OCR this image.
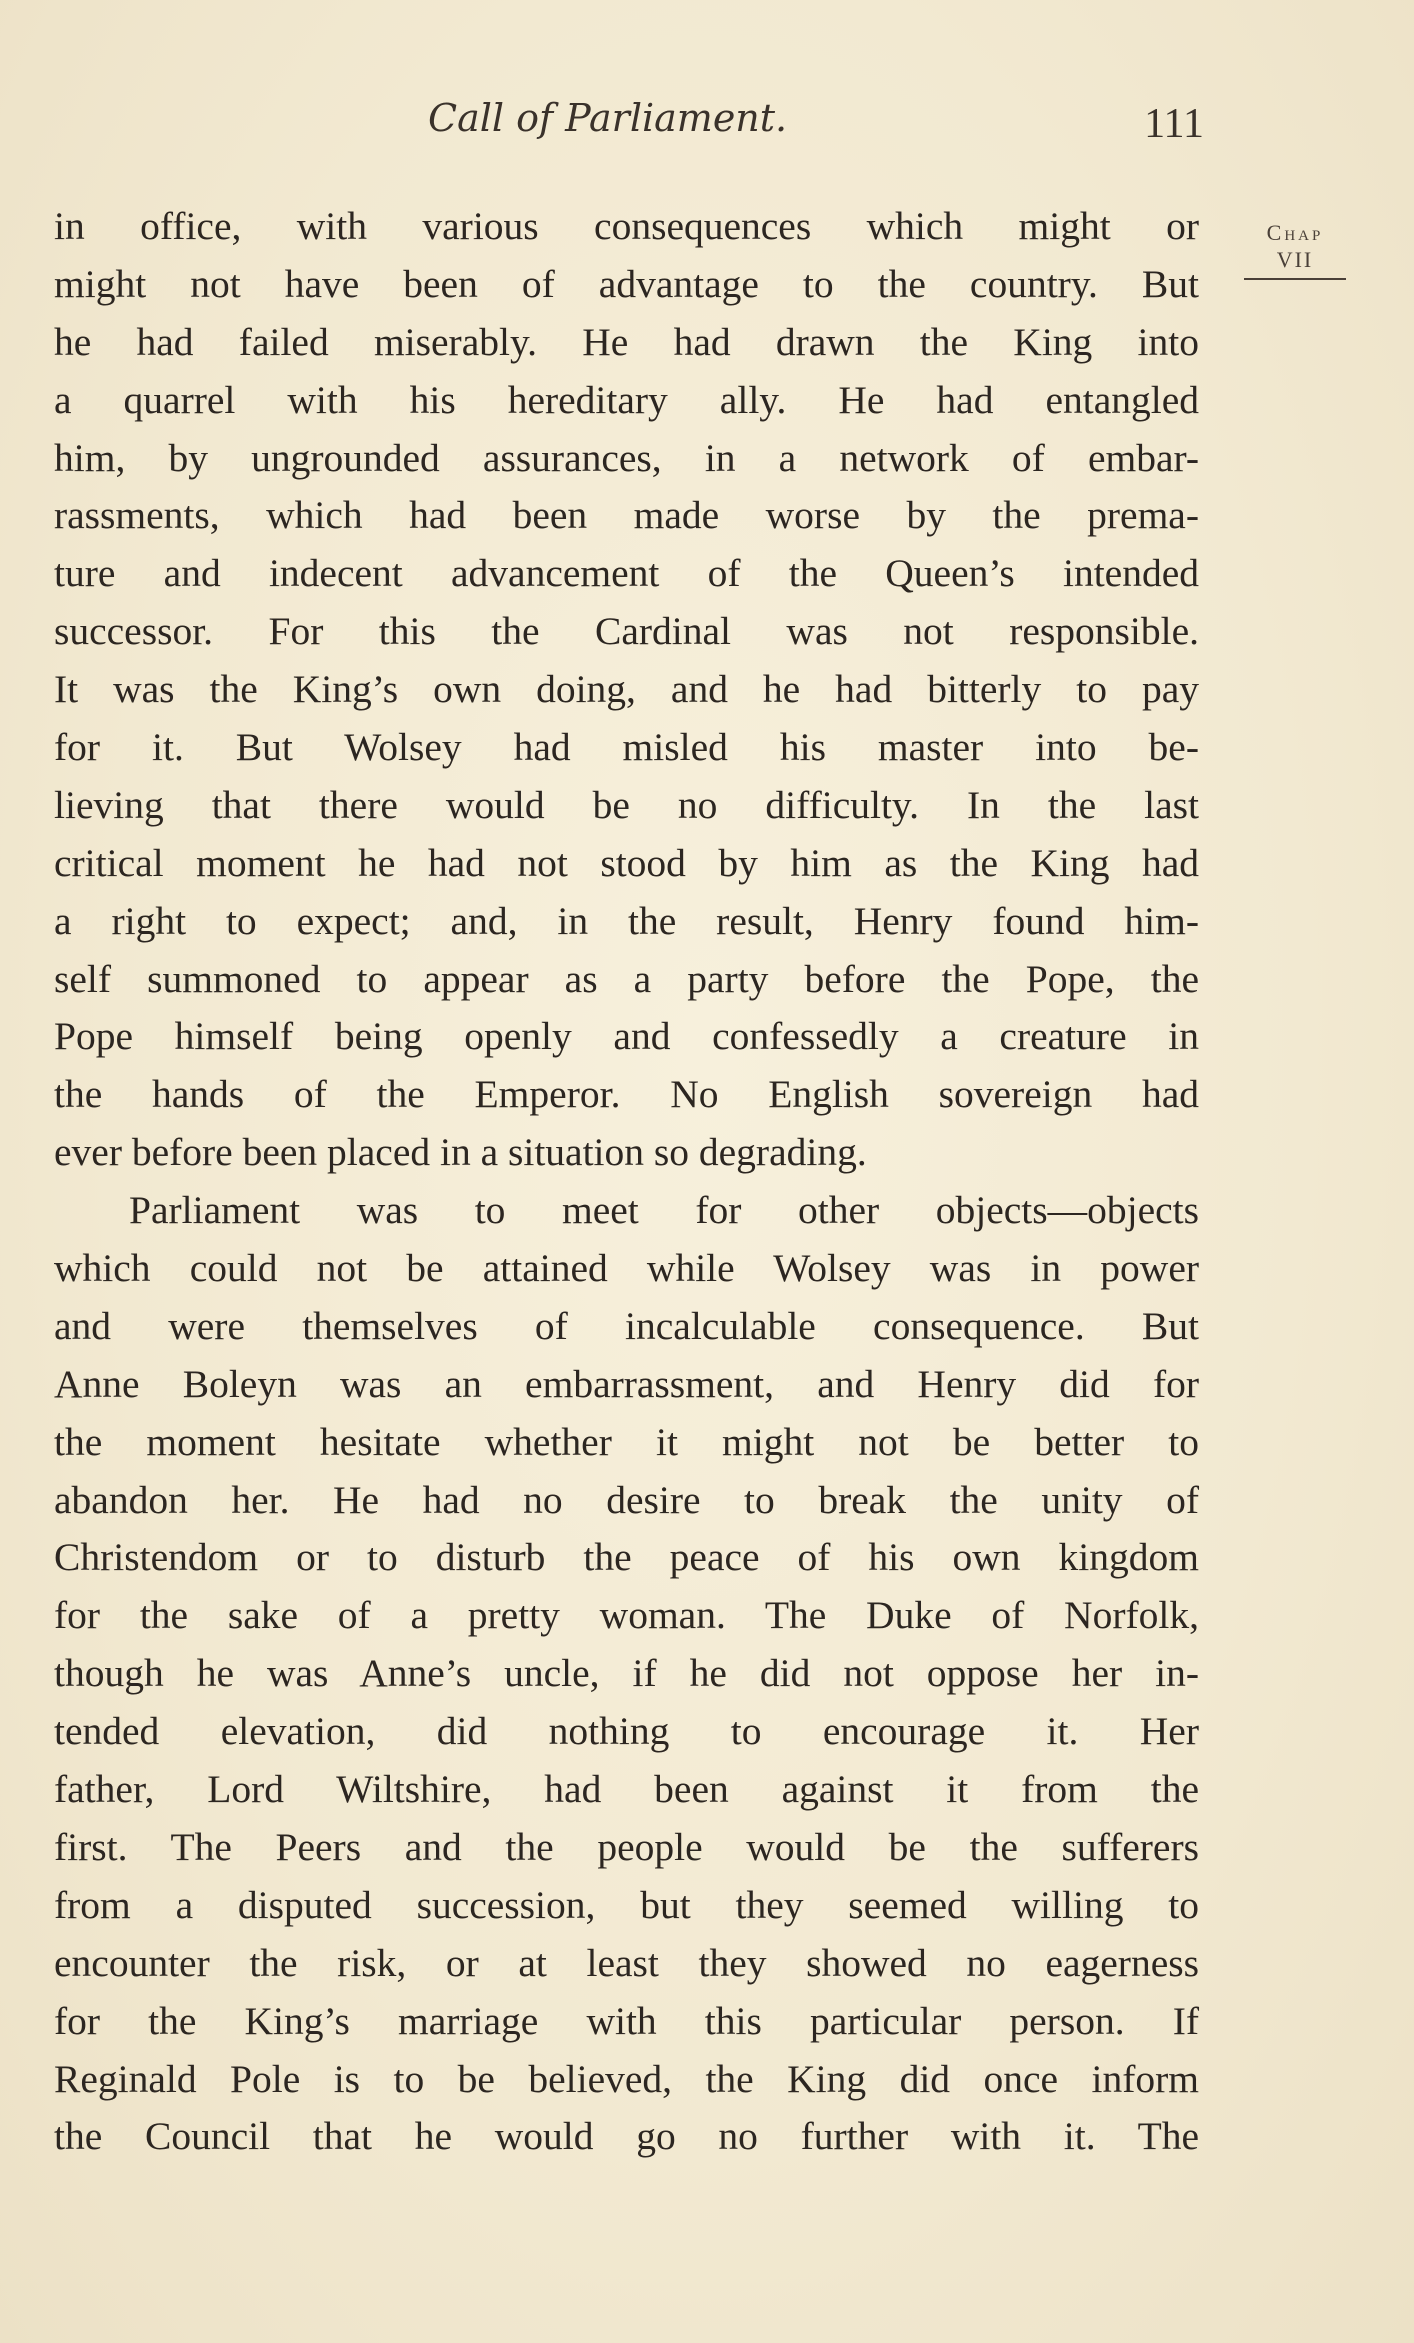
Call of Parliament.	111
Chap
VII
in office, with various consequences which might or
might not have been of advantage to the country. But
he had failed miserably. He had drawn the King into
a quarrel with his hereditary ally. He had entangled
him, by ungrounded assurances, in a network of embar-
rassments, which had been made worse by the prema-
ture and indecent advancement of the Queen’s intended
successor. For this the Cardinal was not responsible.
It was the King’s own doing, and he had bitterly to pay
for it. But Wolsey had misled his master into be-
lieving that there would be no difficulty. In the last
critical moment he had not stood by him as the King had
a right to expect; and, in the result, Henry found him-
self summoned to appear as a party before the Pope, the
Pope himself being openly and confessedly a creature in
the hands of the Emperor. No English sovereign had
ever before been placed in a situation so degrading.
Parliament was to meet for other objects—objects
which could not be attained while Wolsey was in power
and were themselves of incalculable consequence. But
Anne Boleyn was an embarrassment, and Henry did for
the moment hesitate whether it might not be better to
abandon her. He had no desire to break the unity of
Christendom or to disturb the peace of his own kingdom
for the sake of a pretty woman. The Duke of Norfolk,
though he was Anne’s uncle, if he did not oppose her in-
tended elevation, did nothing to encourage it. Her
father, Lord Wiltshire, had been against it from the
first. The Peers and the people would be the sufferers
from a disputed succession, but they seemed willing to
encounter the risk, or at least they showed no eagerness
for the King’s marriage with this particular person. If
Reginald Pole is to be believed, the King did once inform
the Council that he would go no further with it. The
